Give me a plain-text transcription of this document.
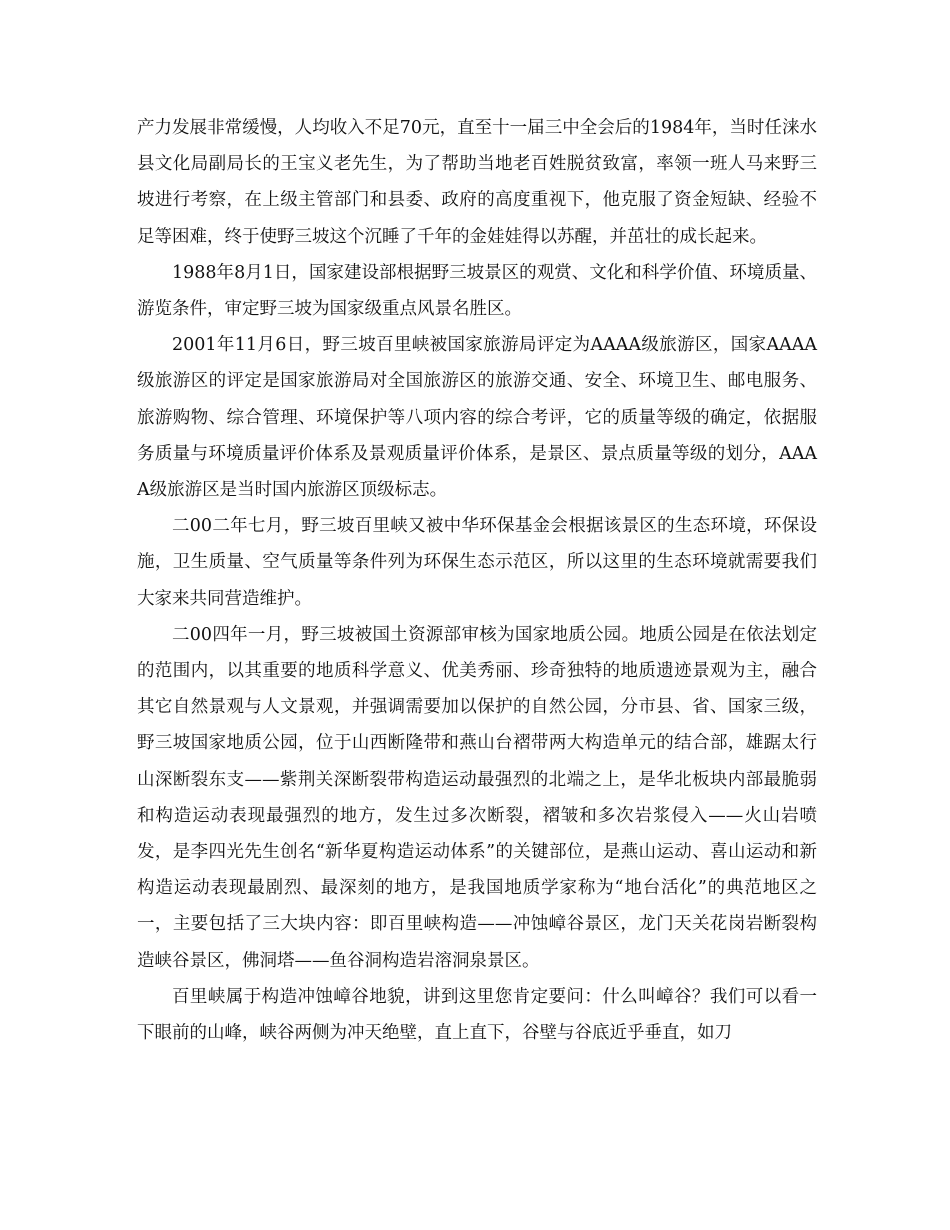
产力发展非常缓慢，人均收入不足70元，直至十一届三中全会后的1984年，当时任涞水县文化局副局长的王宝义老先生，为了帮助当地老百姓脱贫致富，率领一班人马来野三坡进行考察，在上级主管部门和县委、政府的高度重视下，他克服了资金短缺、经验不足等困难，终于使野三坡这个沉睡了千年的金娃娃得以苏醒，并茁壮的成长起来。

1988年8月1日，国家建设部根据野三坡景区的观赏、文化和科学价值、环境质量、游览条件，审定野三坡为国家级重点风景名胜区。

2001年11月6日，野三坡百里峡被国家旅游局评定为AAAA级旅游区，国家AAAA级旅游区的评定是国家旅游局对全国旅游区的旅游交通、安全、环境卫生、邮电服务、旅游购物、综合管理、环境保护等八项内容的综合考评，它的质量等级的确定，依据服务质量与环境质量评价体系及景观质量评价体系，是景区、景点质量等级的划分，AAAA级旅游区是当时国内旅游区顶级标志。

二00二年七月，野三坡百里峡又被中华环保基金会根据该景区的生态环境，环保设施，卫生质量、空气质量等条件列为环保生态示范区，所以这里的生态环境就需要我们大家来共同营造维护。

二00四年一月，野三坡被国土资源部审核为国家地质公园。地质公园是在依法划定的范围内，以其重要的地质科学意义、优美秀丽、珍奇独特的地质遗迹景观为主，融合其它自然景观与人文景观，并强调需要加以保护的自然公园，分市县、省、国家三级，野三坡国家地质公园，位于山西断隆带和燕山台褶带两大构造单元的结合部，雄踞太行山深断裂东支——紫荆关深断裂带构造运动最强烈的北端之上，是华北板块内部最脆弱和构造运动表现最强烈的地方，发生过多次断裂，褶皱和多次岩浆侵入——火山岩喷发，是李四光先生创名“新华夏构造运动体系”的关键部位，是燕山运动、喜山运动和新构造运动表现最剧烈、最深刻的地方，是我国地质学家称为“地台活化”的典范地区之一，主要包括了三大块内容：即百里峡构造——冲蚀嶂谷景区，龙门天关花岗岩断裂构造峡谷景区，佛洞塔——鱼谷洞构造岩溶洞泉景区。

百里峡属于构造冲蚀嶂谷地貌，讲到这里您肯定要问：什么叫嶂谷？我们可以看一下眼前的山峰，峡谷两侧为冲天绝壁，直上直下，谷壁与谷底近乎垂直，如刀
